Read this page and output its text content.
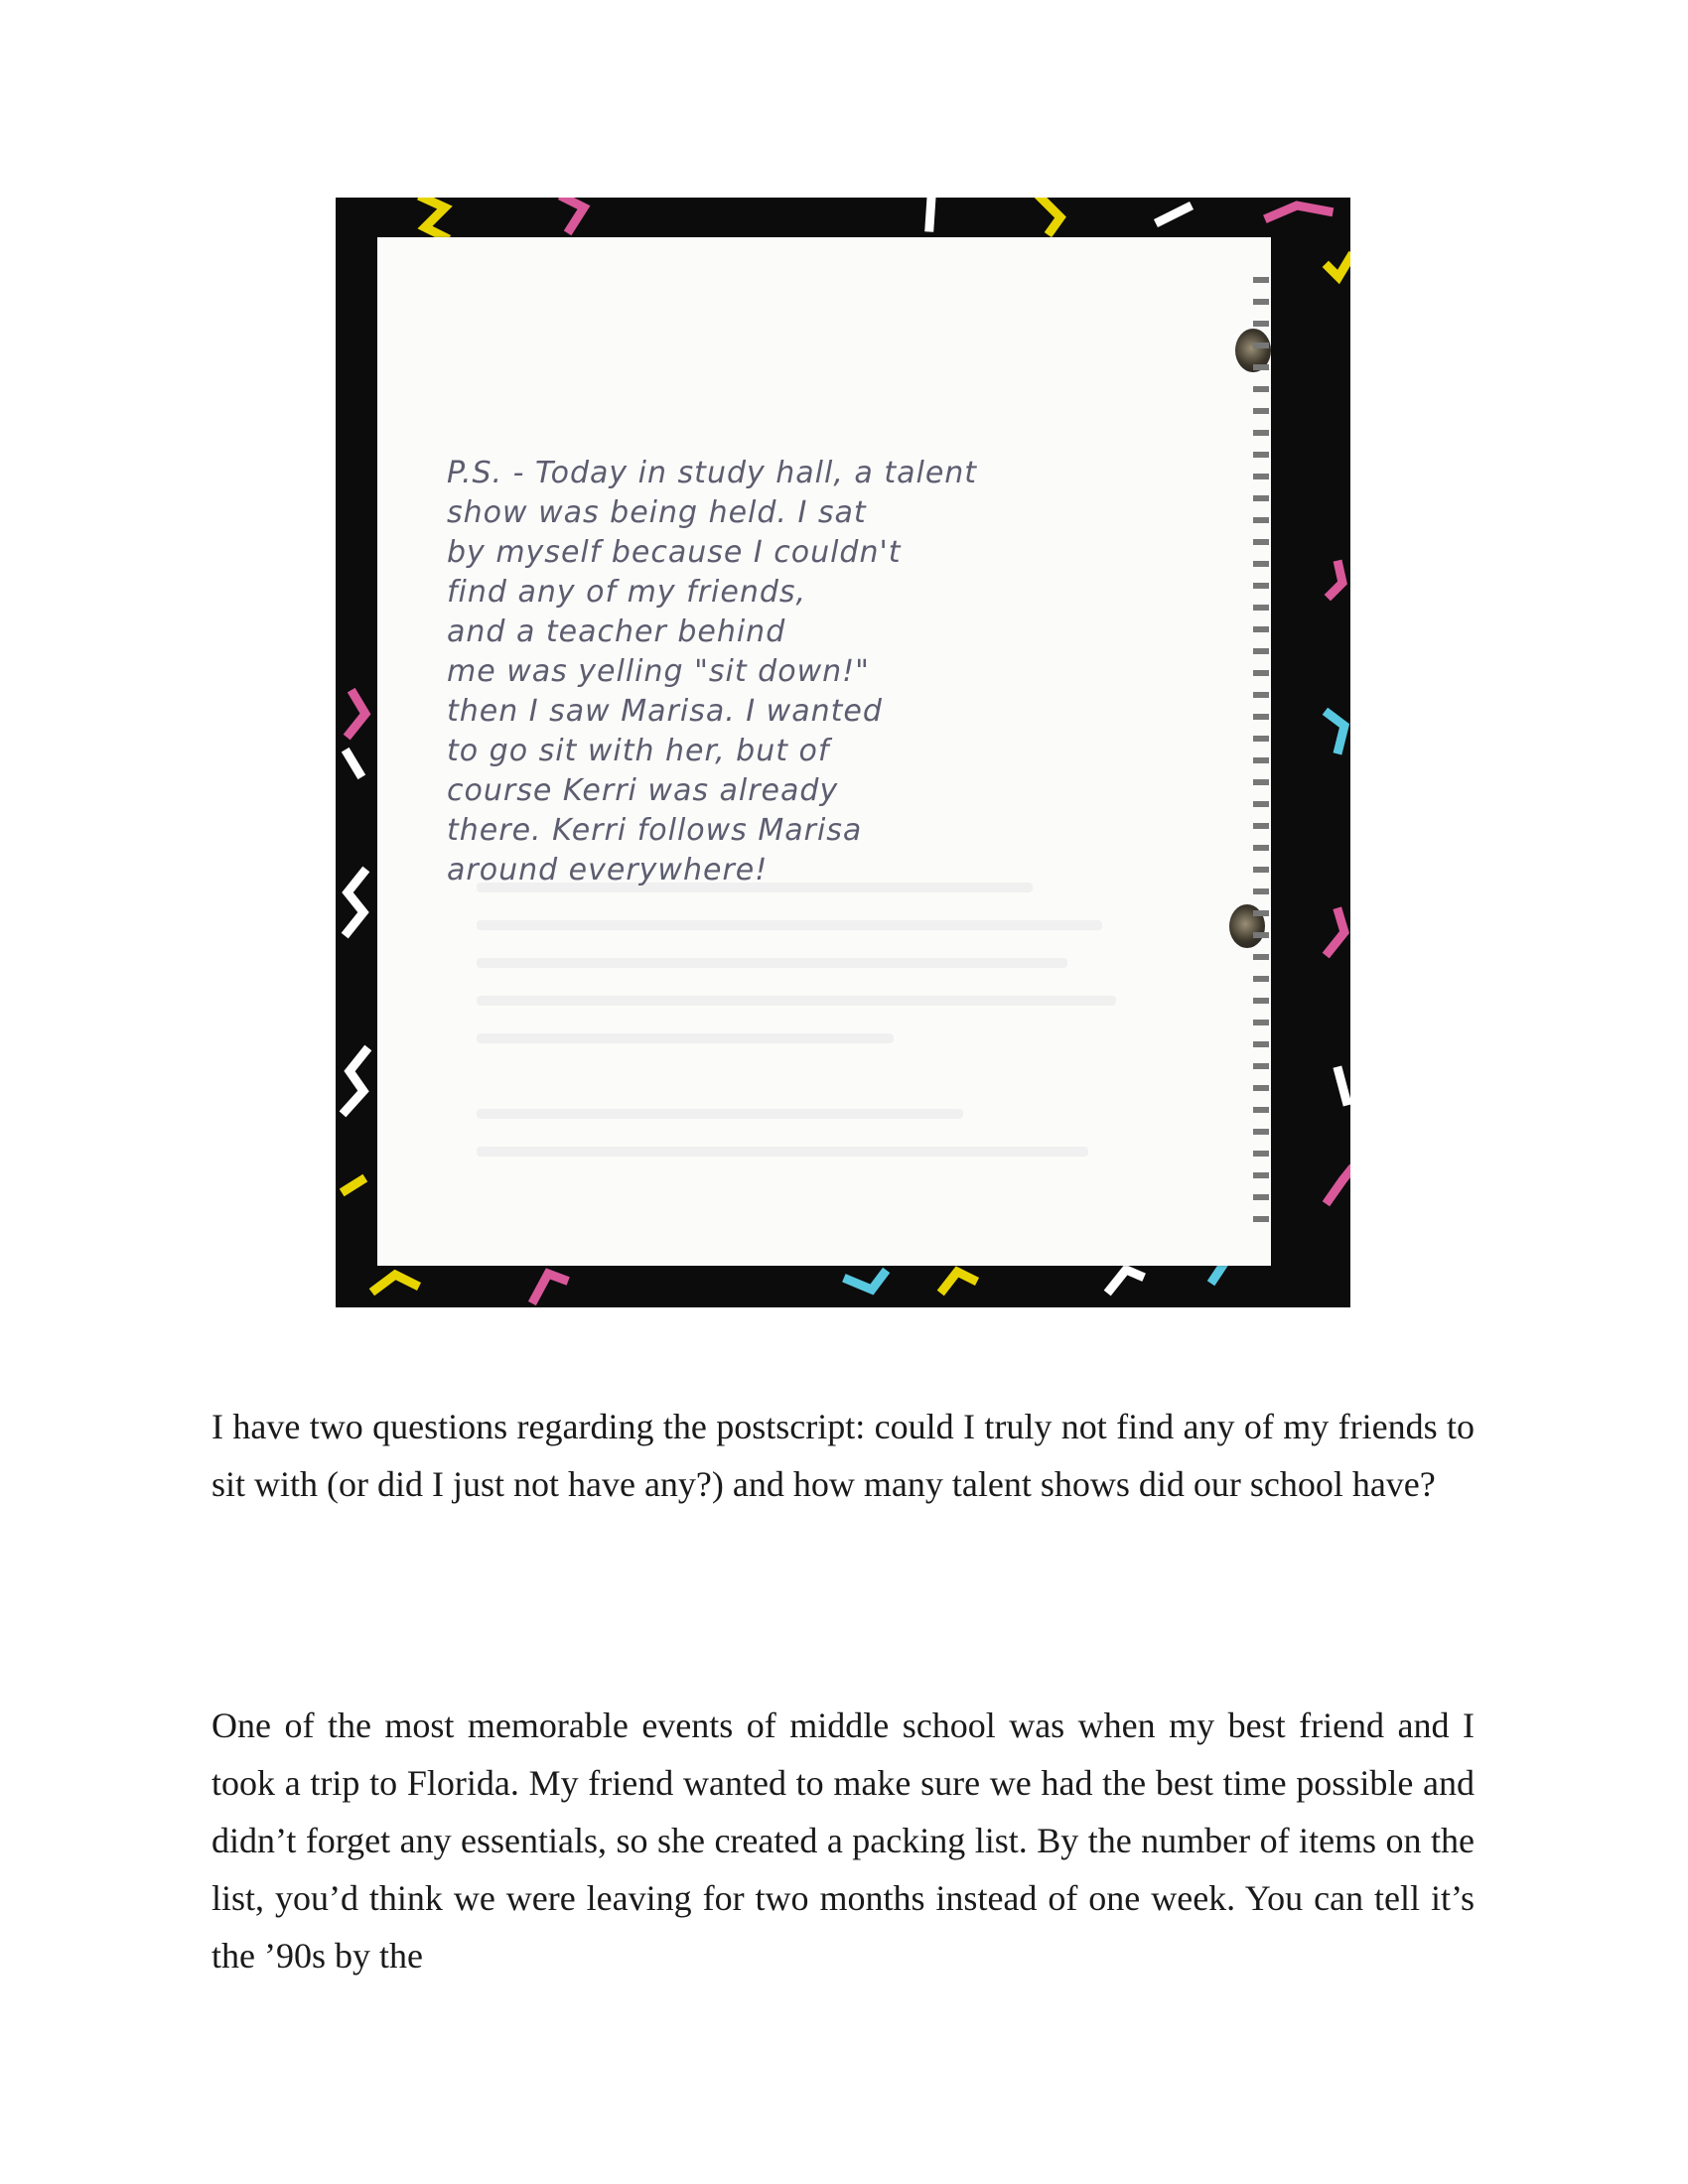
P.S. - Today in study hall, a talent
show was being held. I sat
by myself because I couldn't
find any of my friends,
and a teacher behind
me was yelling "sit down!"
then I saw Marisa. I wanted
to go sit with her, but of
course Kerri was already
there. Kerri follows Marisa
around everywhere!

I have two questions regarding the postscript: could I truly not find any of my friends to sit with (or did I just not have any?) and how many talent shows did our school have?

One of the most memorable events of middle school was when my best friend and I took a trip to Florida. My friend wanted to make sure we had the best time possible and didn’t forget any essentials, so she created a packing list. By the number of items on the list, you’d think we were leaving for two months instead of one week. You can tell it’s the ’90s by the
